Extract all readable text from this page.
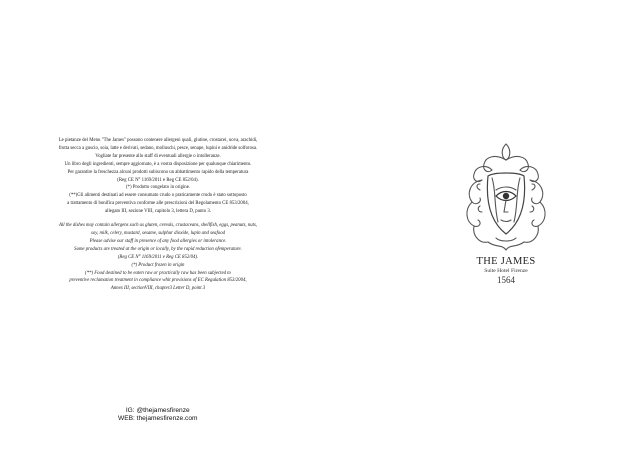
Le pietanze del Menu "The James" possono contenere allergeni quali, glutine, crostacei, uova, arachidi,
frutta secca a guscio, soia, latte e derivati, sedano, molluschi, pesce, senape, lupini e anidride solforosa.
Vogliate far presente allo staff di eventuali allergie o intolleranze.
Un libro degli ingredienti, sempre aggiornato, è a vostra disposizione per qualunque chiarimento.
Per garantire la freschezza alcuni prodotti subiscono un abbattimento rapido della temperatura
(Reg CE N° 1169/2011 e Reg CE 852/04).
(*) Prodotto congelato in origine.
(**)Gli alimenti destinati ad essere consumato crudo o praticamente crudo è stato sottoposto
a trattamento di bonifica preventiva conforme alle prescrizioni del Regolamento CE 853/2004,
allegato III, sezione VIII, capitolo 3, lettera D, punto 3.
All the dishes may contain allergens such as gluten, cereals, crustaceans, shellfish, eggs, peanuts, nuts,
soy, milk, celery, mustard, sesame, sulphur dioxide, lupin and seafood
Please advise our staff in presence of any food allergies or intolerance.
Some products are treated at the origin or locally, by the rapid reduction ofemperature.
(Reg CE N° 1169/2011 e Reg CE 852/04).
(*) Product frozen in origin
(**) Food destined to be eaten raw or practically raw has been subjected to
preventive reclamation treatment in compliance whit provisions of EC Regulation 853/2004,
Annex III, sectionVIII, chapter3 Letter D, point 3
IG: @thejamesfirenze
WEB: thejamesfirenze.com
THE JAMES
Suite Hotel Firenze
1564
